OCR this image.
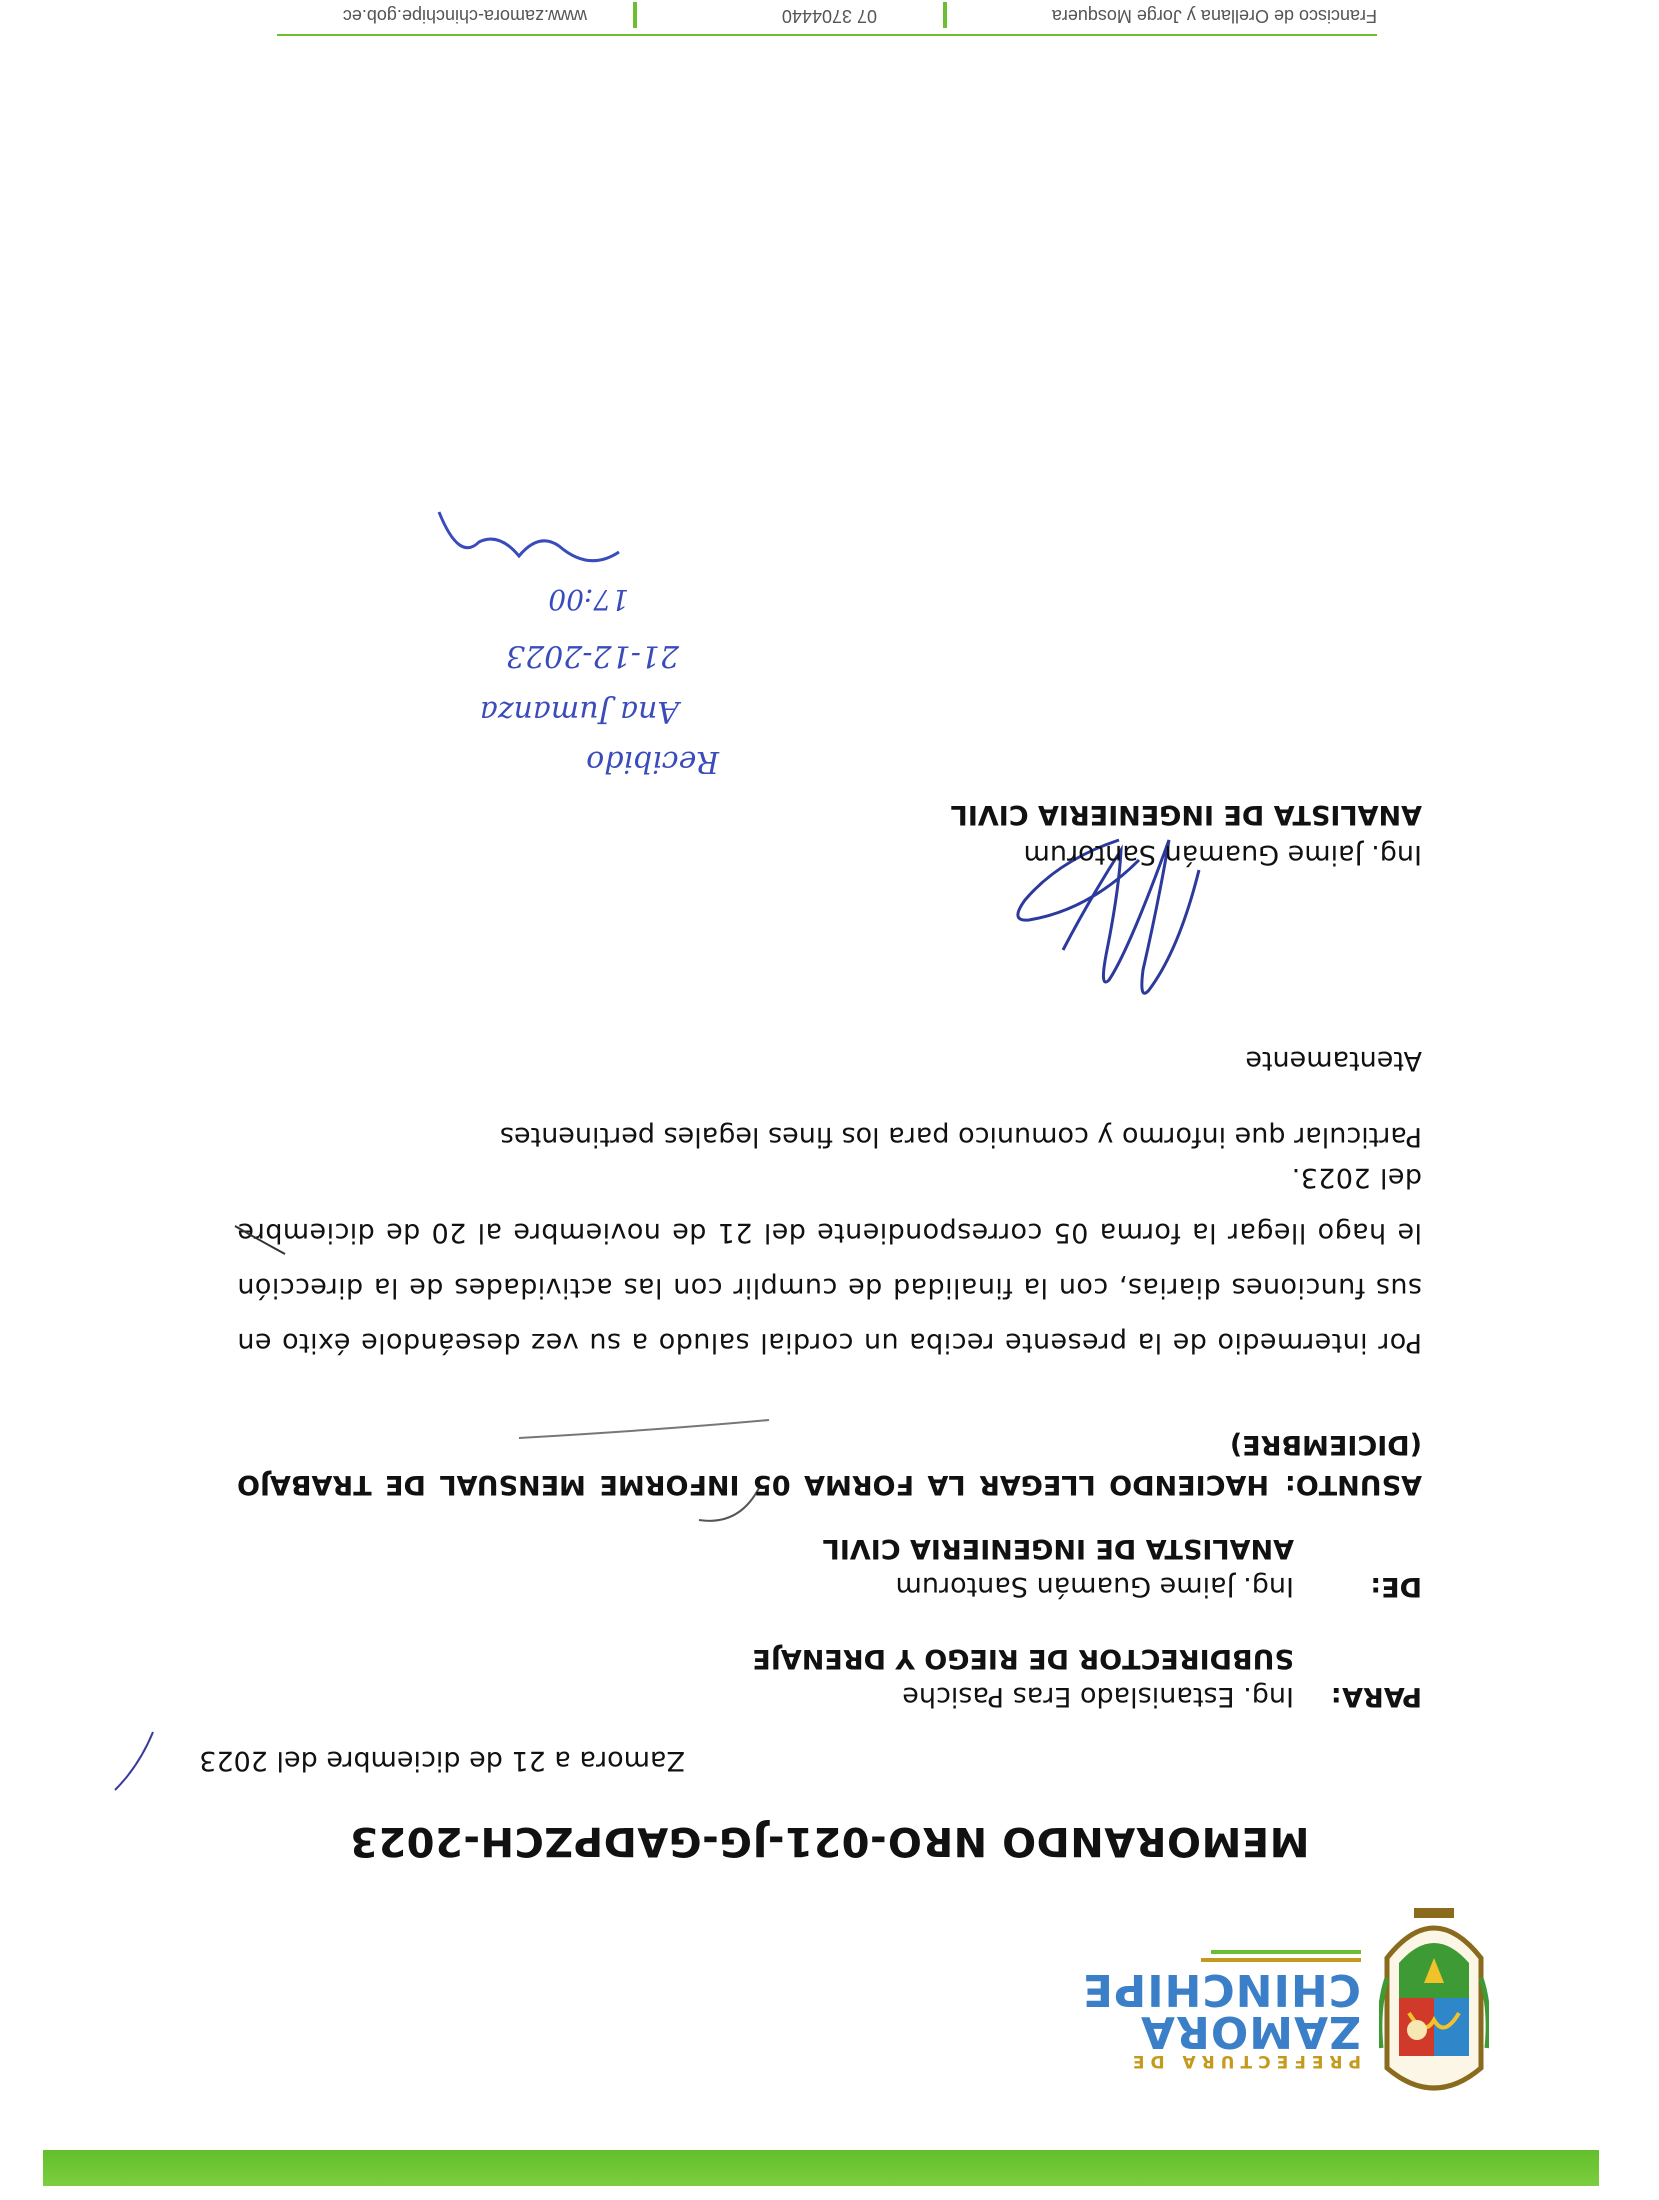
PREFECTURA DE
ZAMORA
CHINCHIPE
MEMORANDO NRO-021-JG-GADPZCH-2023
Zamora a 21 de diciembre del 2023
PARA:
Ing. Estanislado Eras Pasiche
SUBDIRECTOR DE RIEGO Y DRENAJE
DE:
Ing. Jaime Guamán Santorum
ANALISTA DE INGENIERIA CIVIL
ASUNTO:HACIENDO LLEGAR LA FORMA 05 INFORME MENSUAL DE TRABAJO (DICIEMBRE)
Por intermedio de la presente reciba un cordial saludo a su vez deseándole éxito en sus funciones diarias, con la finalidad de cumplir con las actividades de la dirección le hago llegar la forma 05 correspondiente del 21 de noviembre al 20 de diciembre del 2023.
Particular que informo y comunico para los fines legales pertinentes
Atentamente
Ing. Jaime Guamán Santorum
ANALISTA DE INGENIERIA CIVIL
Recibido
Ana Jumanza
21-12-2023
17:00
Francisco de Orellana y Jorge Mosquera
07 3704440
www.zamora-chinchipe.gob.ec
